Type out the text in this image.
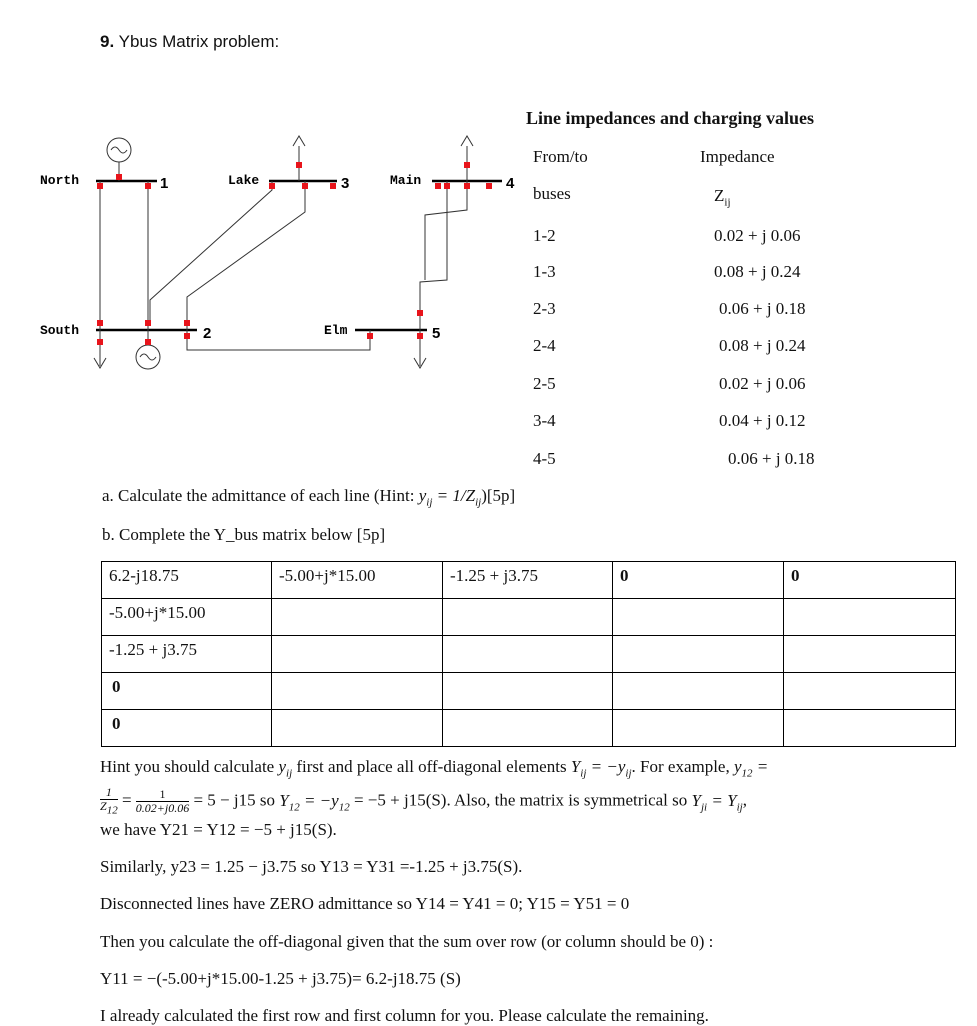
9. Ybus Matrix problem:
North	Lake	Main
South	Elm
1	3	4
2	5
Line impedances and charging values
From/to
buses
Impedance
$Z_{ij}$
1-2	0.02 + j 0.06
1-3	0.08 + j 0.24
2-3	0.06 + j 0.18
2-4	0.08 + j 0.24
2-5	0.02 + j 0.06
3-4	0.04 + j 0.12
4-5	0.06 + j 0.18
a. Calculate the admittance of each line (Hint: $y_{ij} = 1/Z_{ij})[5p]$
b. Complete the Y_bus matrix below [5p]
6.2-j18.75	-5.00+j*15.00	-1.25 + j3.75	0	0

-5.00+j*15.00				

-1.25 + j3.75				

0				

0				

Hint you should calculate $y_{ij}$ first and place all off-diagonal elements $Y_{ij} = -y_{ij}$. For example, $y_{12}$ =
$\frac{1}{Z_{12}} = \frac{1}{0.02+j0.06} = 5 - j15$ so $Y_{12} = -y_{12} = -5 + j15(S)$. Also, the matrix is symmetrical so $Y_{ji} = Y_{ij}$,
we have Y21 = Y12 = −5 + j15(S).
Similarly, y23 = 1.25 − j3.75 so Y13 = Y31 =-1.25 + j3.75(S).
Disconnected lines have ZERO admittance so Y14 = Y41 = 0; Y15 = Y51 = 0
Then you calculate the off-diagonal given that the sum over row (or column should be 0) :
Y11 = −(-5.00+j*15.00-1.25 + j3.75)= 6.2-j18.75 (S)
I already calculated the first row and first column for you. Please calculate the remaining.
